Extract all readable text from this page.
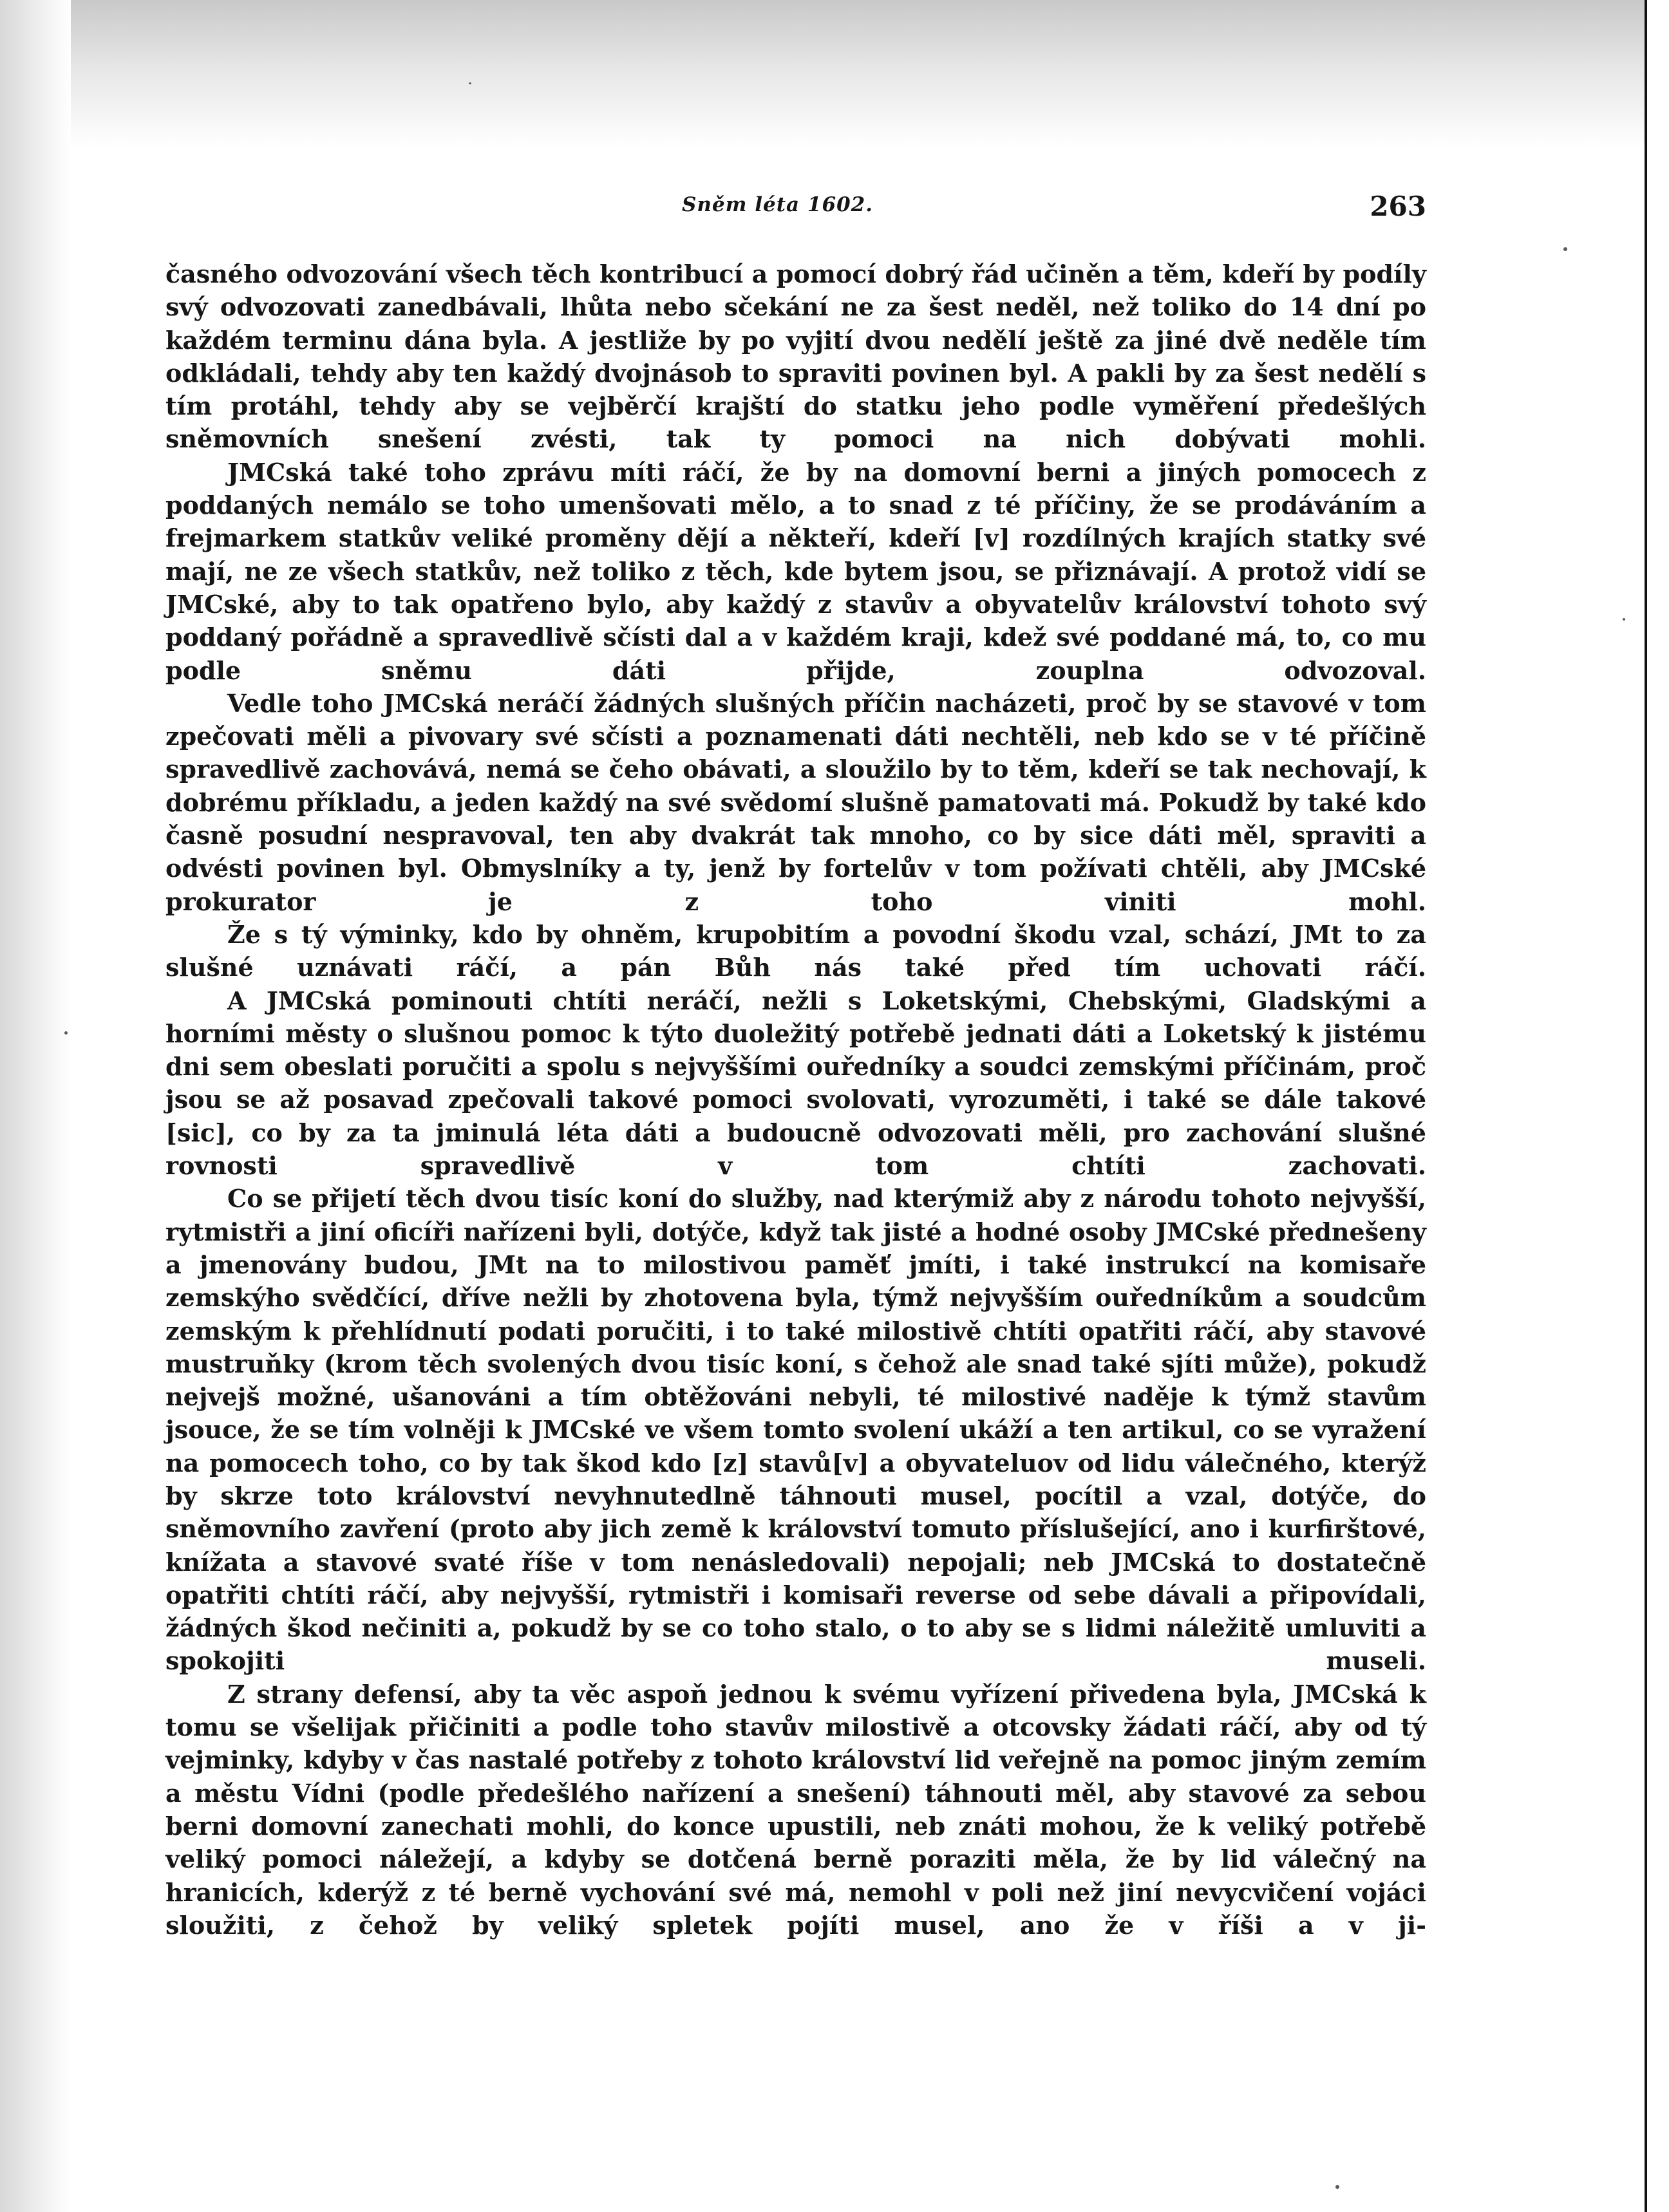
Sněm léta 1602.	263

časného odvozování všech těch kontribucí a pomocí dobrý řád učiněn a těm, kdeří by podíly svý odvozovati zanedbávali, lhůta nebo sčekání ne za šest neděl, než toliko do 14 dní po každém terminu dána byla. A jestliže by po vyjití dvou nedělí ještě za jiné dvě neděle tím odkládali, tehdy aby ten každý dvojnásob to spraviti povinen byl. A pakli by za šest nedělí s tím protáhl, tehdy aby se vejběrčí krajští do statku jeho podle vyměření předešlých sněmovních snešení zvésti, tak ty pomoci na nich dobývati mohli.

JMCská také toho zprávu míti ráčí, že by na domovní berni a jiných pomocech z poddaných nemálo se toho umenšovati mělo, a to snad z té příčiny, že se prodáváním a frejmarkem statkův veliké proměny dějí a někteří, kdeří [v] rozdílných krajích statky své mají, ne ze všech statkův, než toliko z těch, kde bytem jsou, se přiznávají. A protož vidí se JMCské, aby to tak opatřeno bylo, aby každý z stavův a obyvatelův království tohoto svý poddaný pořádně a spravedlivě sčísti dal a v každém kraji, kdež své poddané má, to, co mu podle sněmu dáti přijde, zouplna odvozoval.

Vedle toho JMCská neráčí žádných slušných příčin nacházeti, proč by se stavové v tom zpečovati měli a pivovary své sčísti a poznamenati dáti nechtěli, neb kdo se v té příčině spravedlivě zachovává, nemá se čeho obávati, a sloužilo by to těm, kdeří se tak nechovají, k dobrému příkladu, a jeden každý na své svědomí slušně pamatovati má. Pokudž by také kdo časně posudní nespravoval, ten aby dvakrát tak mnoho, co by sice dáti měl, spraviti a odvésti povinen byl. Obmyslníky a ty, jenž by fortelův v tom požívati chtěli, aby JMCské prokurator je z toho viniti mohl.

Že s tý výminky, kdo by ohněm, krupobitím a povodní škodu vzal, schází, JMt to za slušné uznávati ráčí, a pán Bůh nás také před tím uchovati ráčí.

A JMCská pominouti chtíti neráčí, nežli s Loketskými, Chebskými, Gladskými a horními městy o slušnou pomoc k týto duoležitý potřebě jednati dáti a Loketský k jistému dni sem obeslati poručiti a spolu s nejvyššími ouředníky a soudci zemskými příčinám, proč jsou se až posavad zpečovali takové pomoci svolovati, vyrozuměti, i také se dále takové [sic], co by za ta jminulá léta dáti a budoucně odvozovati měli, pro zachování slušné rovnosti spravedlivě v tom chtíti zachovati.

Co se přijetí těch dvou tisíc koní do služby, nad kterýmiž aby z národu tohoto nejvyšší, rytmistři a jiní oficíři nařízeni byli, dotýče, když tak jisté a hodné osoby JMCské přednešeny a jmenovány budou, JMt na to milostivou paměť jmíti, i také instrukcí na komisaře zemskýho svědčící, dříve nežli by zhotovena byla, týmž nejvyšším ouředníkům a soudcům zemským k přehlídnutí podati poručiti, i to také milostivě chtíti opatřiti ráčí, aby stavové mustruňky (krom těch svolených dvou tisíc koní, s čehož ale snad také sjíti může), pokudž nejvejš možné, ušanováni a tím obtěžováni nebyli, té milostivé naděje k týmž stavům jsouce, že se tím volněji k JMCské ve všem tomto svolení ukáží a ten artikul, co se vyražení na pomocech toho, co by tak škod kdo [z] stavů[v] a obyvateluov od lidu válečného, kterýž by skrze toto království nevyhnutedlně táhnouti musel, pocítil a vzal, dotýče, do sněmovního zavření (proto aby jich země k království tomuto příslušející, ano i kurfirštové, knížata a stavové svaté říše v tom nenásledovali) nepojali; neb JMCská to dostatečně opatřiti chtíti ráčí, aby nejvyšší, rytmistři i komisaři reverse od sebe dávali a připovídali, žádných škod nečiniti a, pokudž by se co toho stalo, o to aby se s lidmi náležitě umluviti a spokojiti museli.

Z strany defensí, aby ta věc aspoň jednou k svému vyřízení přivedena byla, JMCská k tomu se všelijak přičiniti a podle toho stavův milostivě a otcovsky žádati ráčí, aby od tý vejminky, kdyby v čas nastalé potřeby z tohoto království lid veřejně na pomoc jiným zemím a městu Vídni (podle předešlého nařízení a snešení) táhnouti měl, aby stavové za sebou berni domovní zanechati mohli, do konce upustili, neb znáti mohou, že k veliký potřebě veliký pomoci náležejí, a kdyby se dotčená berně poraziti měla, že by lid válečný na hranicích, kderýž z té berně vychování své má, nemohl v poli než jiní nevycvičení vojáci sloužiti, z čehož by veliký spletek pojíti musel, ano že v říši a v ji-
